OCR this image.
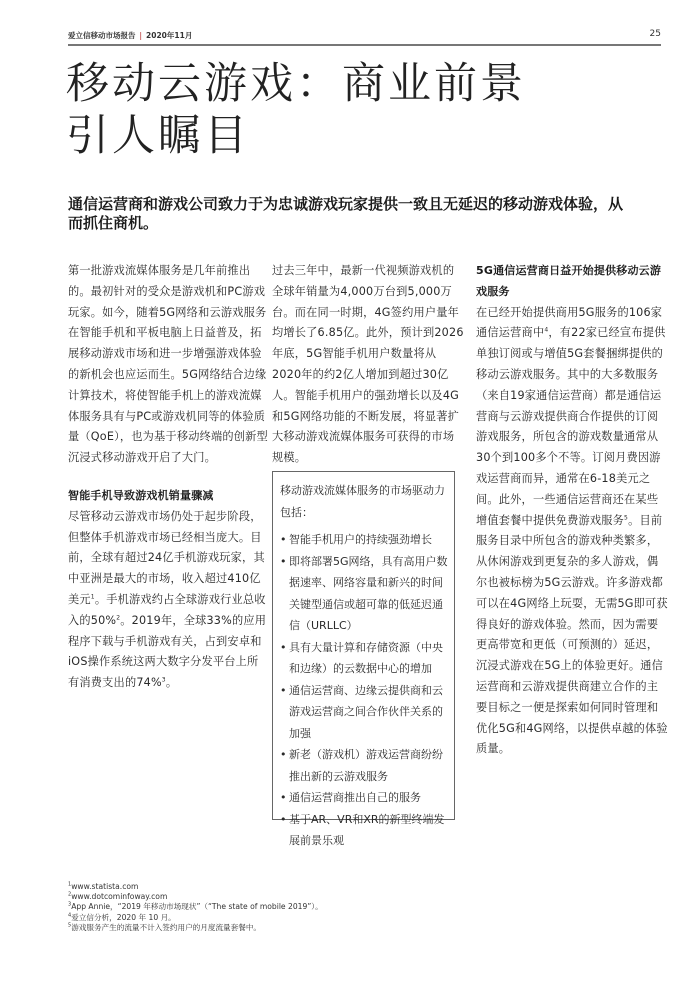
爱立信移动市场报告 | 2020年11月	25
移动云游戏：商业前景
引人瞩目

通信运营商和游戏公司致力于为忠诚游戏玩家提供一致且无延迟的移动游戏体验，从而抓住商机。

第一批游戏流媒体服务是几年前推出的。最初针对的受众是游戏机和PC游戏玩家。如今，随着5G网络和云游戏服务在智能手机和平板电脑上日益普及，拓展移动游戏市场和进一步增强游戏体验的新机会也应运而生。5G网络结合边缘计算技术，将使智能手机上的游戏流媒体服务具有与PC或游戏机同等的体验质量（QoE），也为基于移动终端的创新型沉浸式移动游戏开启了大门。

智能手机导致游戏机销量骤减

尽管移动云游戏市场仍处于起步阶段，但整体手机游戏市场已经相当庞大。目前，全球有超过24亿手机游戏玩家，其中亚洲是最大的市场，收入超过410亿美元$^1$。手机游戏约占全球游戏行业总收入的50%$^2$。2019年，全球33%的应用程序下载与手机游戏有关，占到安卓和iOS操作系统这两大数字分发平台上所有消费支出的74%$^3$。

过去三年中，最新一代视频游戏机的全球年销量为4,000万台到5,000万台。而在同一时期，4G签约用户量年均增长了6.85亿。此外，预计到2026年底，5G智能手机用户数量将从2020年的约2亿人增加到超过30亿人。智能手机用户的强劲增长以及4G和5G网络功能的不断发展，将显著扩大移动游戏流媒体服务可获得的市场规模。

移动游戏流媒体服务的市场驱动力包括：

• 智能手机用户的持续强劲增长
• 即将部署5G网络，具有高用户数据速率、网络容量和新兴的时间关键型通信或超可靠的低延迟通信（URLLC）
• 具有大量计算和存储资源（中央和边缘）的云数据中心的增加
• 通信运营商、边缘云提供商和云游戏运营商之间合作伙伴关系的加强
• 新老（游戏机）游戏运营商纷纷推出新的云游戏服务
• 通信运营商推出自己的服务
• 基于AR、VR和XR的新型终端发展前景乐观
5G通信运营商日益开始提供移动云游戏服务

在已经开始提供商用5G服务的106家通信运营商中$^4$，有22家已经宣布提供单独订阅或与增值5G套餐捆绑提供的移动云游戏服务。其中的大多数服务（来自19家通信运营商）都是通信运营商与云游戏提供商合作提供的订阅游戏服务，所包含的游戏数量通常从30个到100多个不等。订阅月费因游戏运营商而异，通常在6-18美元之间。此外，一些通信运营商还在某些增值套餐中提供免费游戏服务$^5$。目前服务目录中所包含的游戏种类繁多，从休闲游戏到更复杂的多人游戏，偶尔也被标榜为5G云游戏。许多游戏都可以在4G网络上玩耍，无需5G即可获得良好的游戏体验。然而，因为需要更高带宽和更低（可预测的）延迟，沉浸式游戏在5G上的体验更好。通信运营商和云游戏提供商建立合作的主要目标之一便是探索如何同时管理和优化5G和4G网络，以提供卓越的体验质量。

$^1$www.statista.com
$^2$www.dotcominfoway.com
$^3$App Annie，“2019 年移动市场现状”（“The state of mobile 2019”）。
$^4$爱立信分析，2020 年 10 月。
$^5$游戏服务产生的流量不计入签约用户的月度流量套餐中。
